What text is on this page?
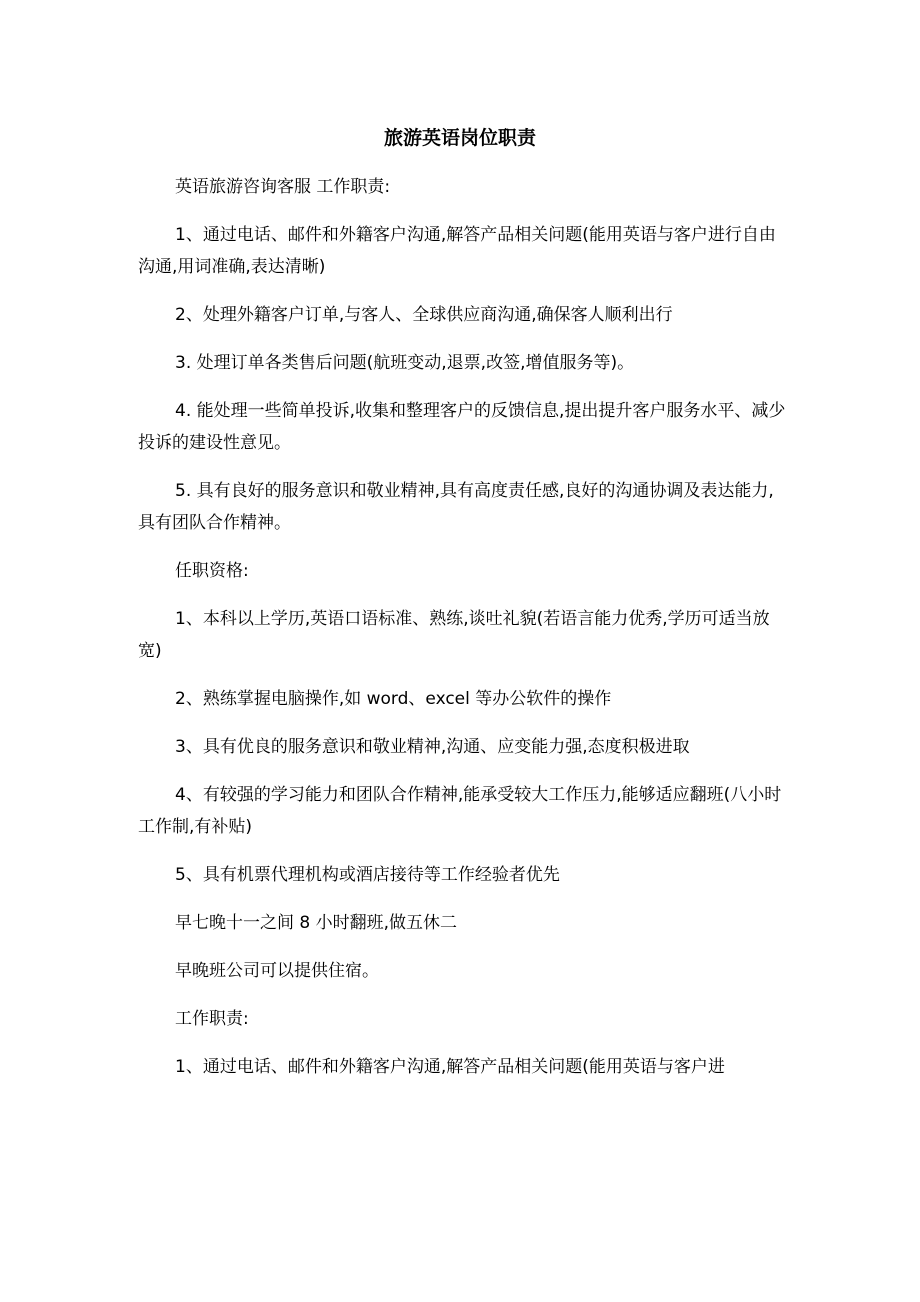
旅游英语岗位职责

英语旅游咨询客服 工作职责:

1、通过电话、邮件和外籍客户沟通,解答产品相关问题(能用英语与客户进行自由沟通,用词准确,表达清晰)

2、处理外籍客户订单,与客人、全球供应商沟通,确保客人顺利出行

3. 处理订单各类售后问题(航班变动,退票,改签,增值服务等)。

4. 能处理一些简单投诉,收集和整理客户的反馈信息,提出提升客户服务水平、减少投诉的建设性意见。

5. 具有良好的服务意识和敬业精神,具有高度责任感,良好的沟通协调及表达能力,具有团队合作精神。

任职资格:

1、本科以上学历,英语口语标准、熟练,谈吐礼貌(若语言能力优秀,学历可适当放宽)

2、熟练掌握电脑操作,如 word、excel 等办公软件的操作

3、具有优良的服务意识和敬业精神,沟通、应变能力强,态度积极进取

4、有较强的学习能力和团队合作精神,能承受较大工作压力,能够适应翻班(八小时工作制,有补贴)

5、具有机票代理机构或酒店接待等工作经验者优先

早七晚十一之间 8 小时翻班,做五休二

早晚班公司可以提供住宿。

工作职责:

1、通过电话、邮件和外籍客户沟通,解答产品相关问题(能用英语与客户进
